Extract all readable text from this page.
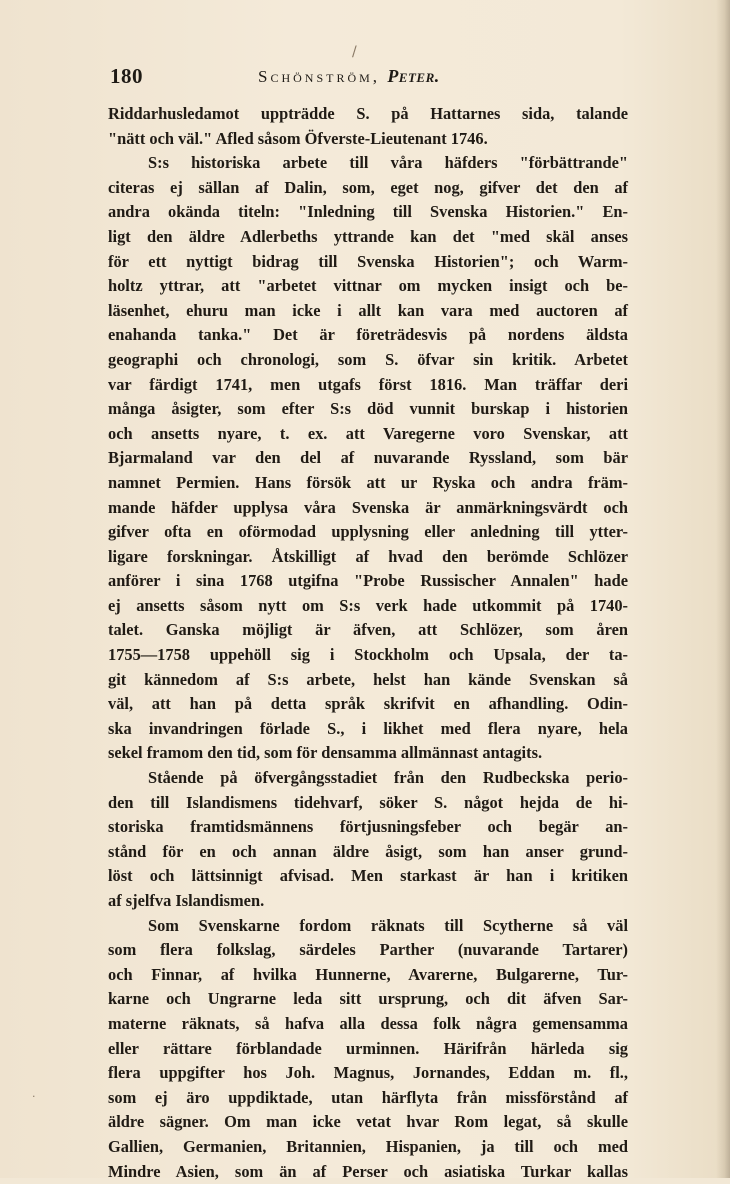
180	Schönström, Peter.
Riddarhusledamot uppträdde S. på Hattarnes sida, talande
"nätt och väl." Afled såsom Öfverste-Lieutenant 1746.
S:s historiska arbete till våra häfders "förbättrande"
citeras ej sällan af Dalin, som, eget nog, gifver det den af
andra okända titeln: "Inledning till Svenska Historien." En-
ligt den äldre Adlerbeths yttrande kan det "med skäl anses
för ett nyttigt bidrag till Svenska Historien"; och Warm-
holtz yttrar, att "arbetet vittnar om mycken insigt och be-
läsenhet, ehuru man icke i allt kan vara med auctoren af
enahanda tanka." Det är företrädesvis på nordens äldsta
geographi och chronologi, som S. öfvar sin kritik. Arbetet
var färdigt 1741, men utgafs först 1816. Man träffar deri
många åsigter, som efter S:s död vunnit burskap i historien
och ansetts nyare, t. ex. att Varegerne voro Svenskar, att
Bjarmaland var den del af nuvarande Ryssland, som bär
namnet Permien. Hans försök att ur Ryska och andra främ-
mande häfder upplysa våra Svenska är anmärkningsvärdt och
gifver ofta en oförmodad upplysning eller anledning till ytter-
ligare forskningar. Åtskilligt af hvad den berömde Schlözer
anförer i sina 1768 utgifna "Probe Russischer Annalen" hade
ej ansetts såsom nytt om S:s verk hade utkommit på 1740-
talet. Ganska möjligt är äfven, att Schlözer, som åren
1755—1758 uppehöll sig i Stockholm och Upsala, der ta-
git kännedom af S:s arbete, helst han kände Svenskan så
väl, att han på detta språk skrifvit en afhandling. Odin-
ska invandringen förlade S., i likhet med flera nyare, hela
sekel framom den tid, som för densamma allmännast antagits.
Stående på öfvergångsstadiet från den Rudbeckska perio-
den till Islandismens tidehvarf, söker S. något hejda de hi-
storiska framtidsmännens förtjusningsfeber och begär an-
stånd för en och annan äldre åsigt, som han anser grund-
löst och lättsinnigt afvisad. Men starkast är han i kritiken
af sjelfva Islandismen.
Som Svenskarne fordom räknats till Scytherne så väl
som flera folkslag, särdeles Parther (nuvarande Tartarer)
och Finnar, af hvilka Hunnerne, Avarerne, Bulgarerne, Tur-
karne och Ungrarne leda sitt ursprung, och dit äfven Sar-
materne räknats, så hafva alla dessa folk några gemensamma
eller rättare förblandade urminnen. Härifrån härleda sig
flera uppgifter hos Joh. Magnus, Jornandes, Eddan m. fl.,
som ej äro uppdiktade, utan härflyta från missförstånd af
äldre sägner. Om man icke vetat hvar Rom legat, så skulle
Gallien, Germanien, Britannien, Hispanien, ja till och med
Mindre Asien, som än af Perser och asiatiska Turkar kallas
/
·
